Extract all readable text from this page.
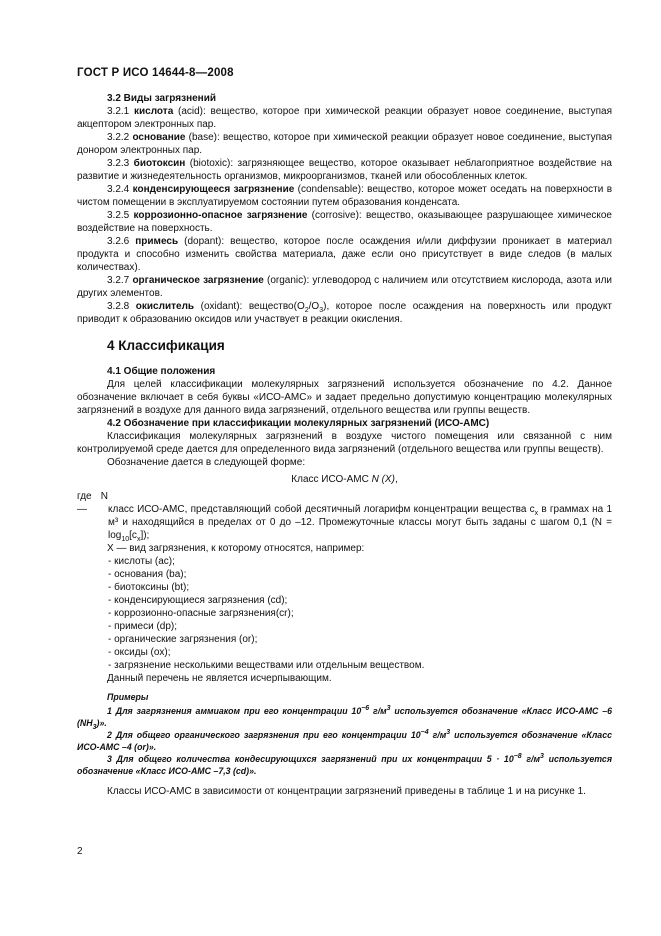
ГОСТ Р ИСО 14644-8—2008

3.2 Виды загрязнений

3.2.1 кислота (acid): вещество, которое при химической реакции образует новое соединение, выступая акцептором электронных пар.

3.2.2 основание (base): вещество, которое при химической реакции образует новое соединение, выступая донором электронных пар.

3.2.3 биотоксин (biotoxic): загрязняющее вещество, которое оказывает неблагоприятное воздействие на развитие и жизнедеятельность организмов, микроорганизмов, тканей или обособленных клеток.

3.2.4 конденсирующееся загрязнение (condensable): вещество, которое может оседать на поверхности в чистом помещении в эксплуатируемом состоянии путем образования конденсата.

3.2.5 коррозионно-опасное загрязнение (corrosive): вещество, оказывающее разрушающее химическое воздействие на поверхность.

3.2.6 примесь (dopant): вещество, которое после осаждения и/или диффузии проникает в материал продукта и способно изменить свойства материала, даже если оно присутствует в виде следов (в малых количествах).

3.2.7 органическое загрязнение (organic): углеводород с наличием или отсутствием кислорода, азота или других элементов.

3.2.8 окислитель (oxidant): $вещество(O_2/O_3)$, которое после осаждения на поверхность или продукт приводит к образованию оксидов или участвует в реакции окисления.

4 Классификация

4.1 Общие положения

Для целей классификации молекулярных загрязнений используется обозначение по 4.2. Данное обозначение включает в себя буквы «ИСО-АМС» и задает предельно допустимую концентрацию молекулярных загрязнений в воздухе для данного вида загрязнений, отдельного вещества или группы веществ.

4.2 Обозначение при классификации молекулярных загрязнений (ИСО-АМС)

Классификация молекулярных загрязнений в воздухе чистого помещения или связанной с ним контролируемой среде дается для определенного вида загрязнений (отдельного вещества или группы веществ).

Обозначение дается в следующей форме:

Класс ИСО-АМС N (X),

где N — класс ИСО-АМС, представляющий собой десятичный логарифм концентрации вещества $c_x$ в граммах на 1 м³ и находящийся в пределах от 0 до –12. Промежуточные классы могут быть заданы с шагом 0,1 $(N = \log_{10}[c_x])$;

X — вид загрязнения, к которому относятся, например:

- кислоты (ac);
- основания (ba);
- биотоксины (bt);
- конденсирующиеся загрязнения (cd);
- коррозионно-опасные загрязнения(cr);
- примеси (dp);
- органические загрязнения (or);
- оксиды (ox);
- загрязнение несколькими веществами или отдельным веществом.

Данный перечень не является исчерпывающим.

Примеры

1 Для загрязнения аммиаком при его концентрации $10^{-6}$ $г/м^3$ используется обозначение «Класс ИСО-АМС –6 $(NH_3)$».

2 Для общего органического загрязнения при его концентрации $10^{-4}$ $г/м^3$ используется обозначение «Класс ИСО-АМС –4 (or)».

3 Для общего количества кондесирующихся загрязнений при их концентрации $5 \cdot 10^{-8}$ $г/м^3$ используется обозначение «Класс ИСО-АМС –7,3 (cd)».

Классы ИСО-АМС в зависимости от концентрации загрязнений приведены в таблице 1 и на рисунке 1.

2
